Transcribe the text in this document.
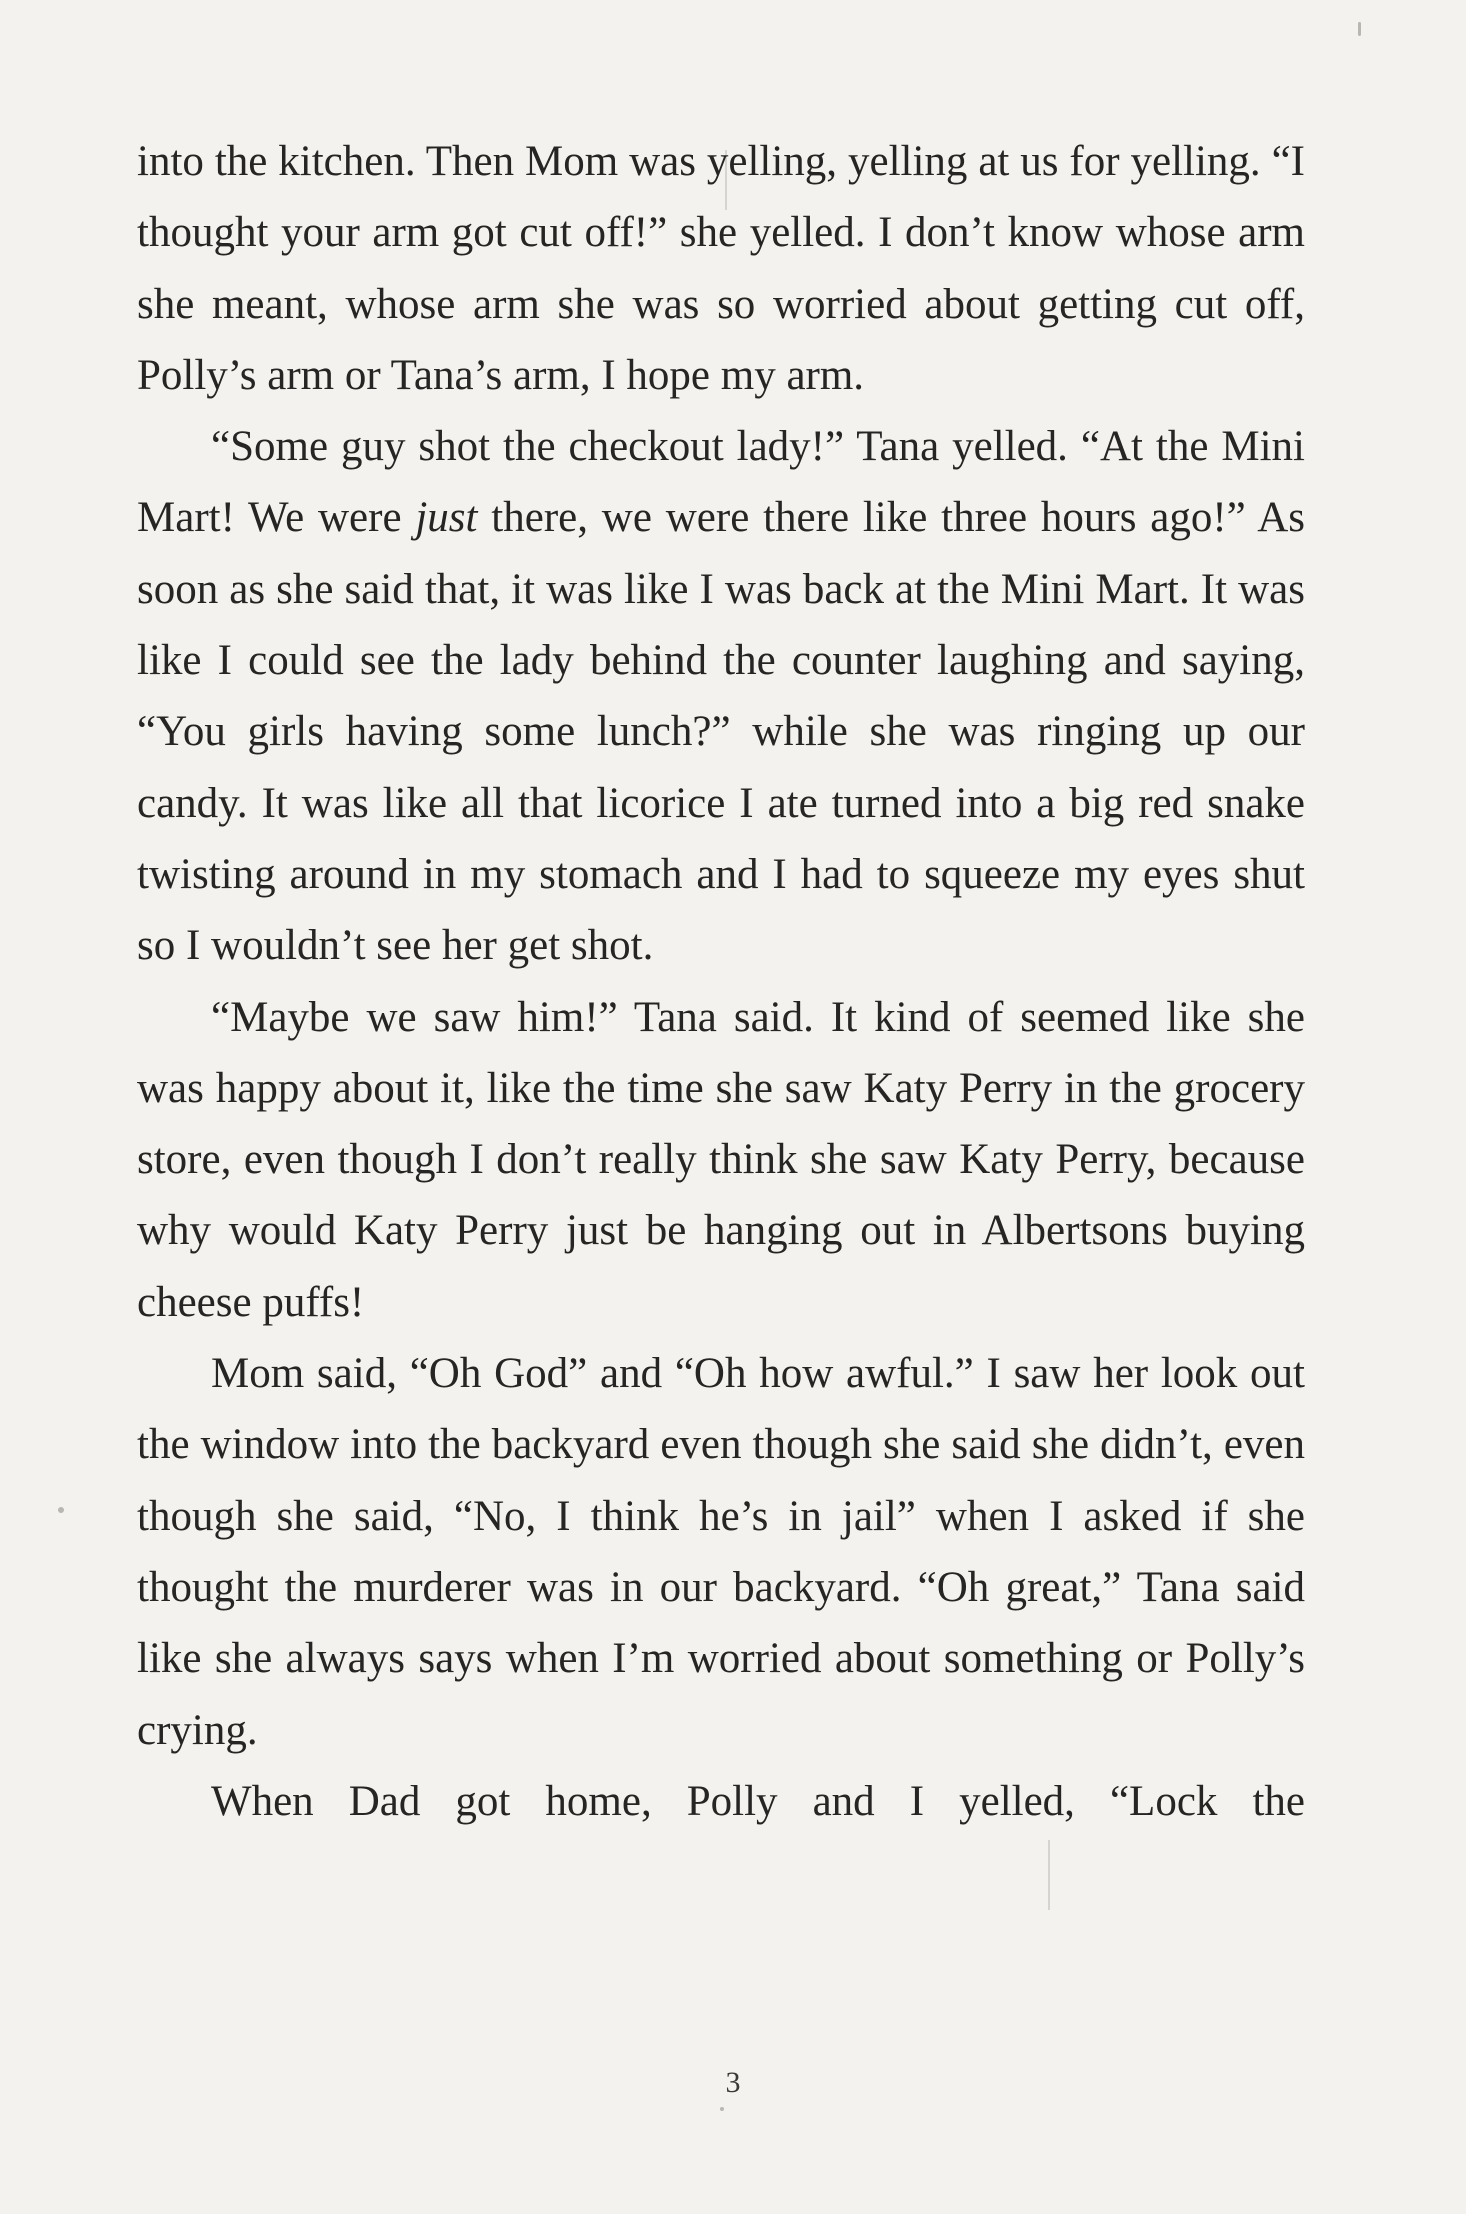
into the kitchen. Then Mom was yelling, yelling at us for yelling. “I thought your arm got cut off!” she yelled. I don’t know whose arm she meant, whose arm she was so worried about getting cut off, Polly’s arm or Tana’s arm, I hope my arm.

“Some guy shot the checkout lady!” Tana yelled. “At the Mini Mart! We were just there, we were there like three hours ago!” As soon as she said that, it was like I was back at the Mini Mart. It was like I could see the lady behind the counter laughing and saying, “You girls having some lunch?” while she was ringing up our candy. It was like all that licorice I ate turned into a big red snake twisting around in my stomach and I had to squeeze my eyes shut so I wouldn’t see her get shot.

“Maybe we saw him!” Tana said. It kind of seemed like she was happy about it, like the time she saw Katy Perry in the grocery store, even though I don’t really think she saw Katy Perry, because why would Katy Perry just be hanging out in Albertsons buying cheese puffs!

Mom said, “Oh God” and “Oh how awful.” I saw her look out the window into the backyard even though she said she didn’t, even though she said, “No, I think he’s in jail” when I asked if she thought the murderer was in our backyard. “Oh great,” Tana said like she always says when I’m worried about something or Polly’s crying.

When Dad got home, Polly and I yelled, “Lock the

3
